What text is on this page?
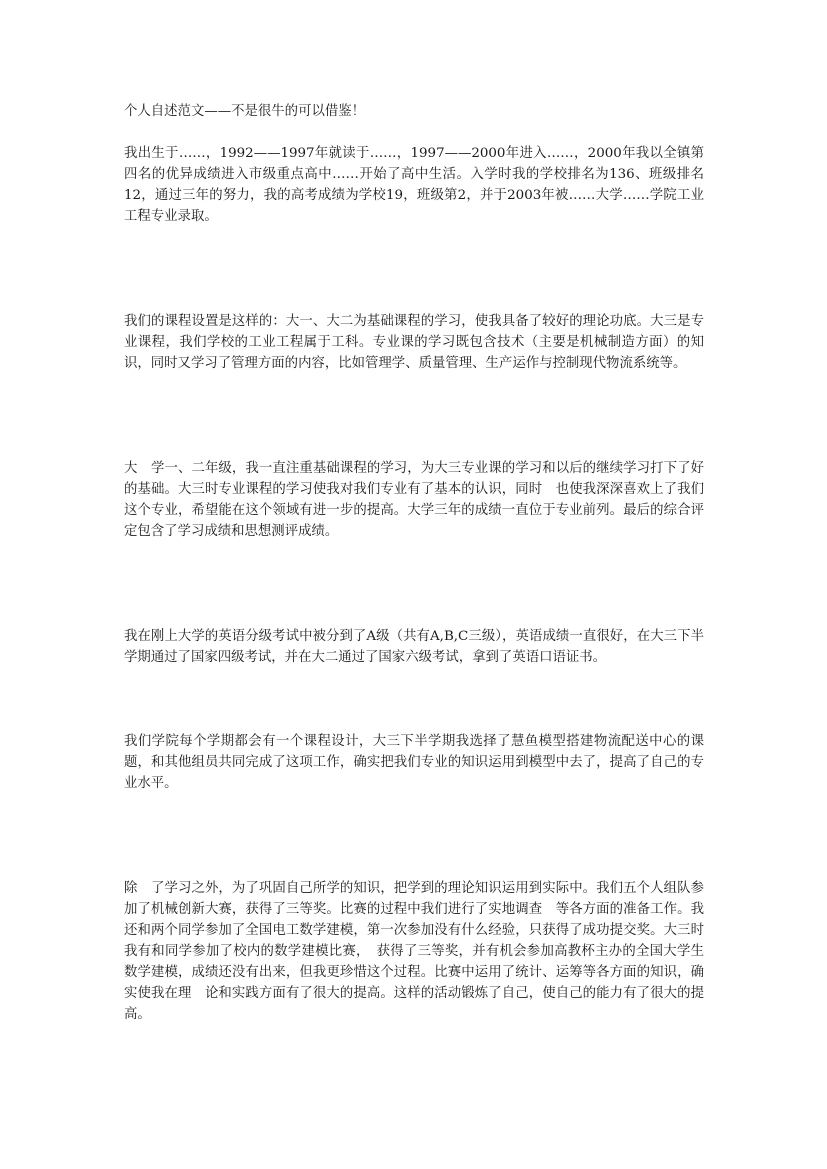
个人自述范文——不是很牛的可以借鉴！

我出生于……，1992——1997年就读于……，1997——2000年进入……，2000年我以全镇第四名的优异成绩进入市级重点高中……开始了高中生活。入学时我的学校排名为136、班级排名12，通过三年的努力，我的高考成绩为学校19，班级第2，并于2003年被……大学……学院工业工程专业录取。

我们的课程设置是这样的：大一、大二为基础课程的学习，使我具备了较好的理论功底。大三是专业课程，我们学校的工业工程属于工科。专业课的学习既包含技术（主要是机械制造方面）的知识，同时又学习了管理方面的内容，比如管理学、质量管理、生产运作与控制现代物流系统等。

大　学一、二年级，我一直注重基础课程的学习，为大三专业课的学习和以后的继续学习打下了好的基础。大三时专业课程的学习使我对我们专业有了基本的认识，同时　也使我深深喜欢上了我们这个专业，希望能在这个领域有进一步的提高。大学三年的成绩一直位于专业前列。最后的综合评定包含了学习成绩和思想测评成绩。

我在刚上大学的英语分级考试中被分到了A级（共有A,B,C三级），英语成绩一直很好，在大三下半学期通过了国家四级考试，并在大二通过了国家六级考试，拿到了英语口语证书。

我们学院每个学期都会有一个课程设计，大三下半学期我选择了慧鱼模型搭建物流配送中心的课题，和其他组员共同完成了这项工作，确实把我们专业的知识运用到模型中去了，提高了自己的专业水平。

除　了学习之外，为了巩固自己所学的知识，把学到的理论知识运用到实际中。我们五个人组队参加了机械创新大赛，获得了三等奖。比赛的过程中我们进行了实地调查　等各方面的准备工作。我还和两个同学参加了全国电工数学建模，第一次参加没有什么经验，只获得了成功提交奖。大三时我有和同学参加了校内的数学建模比赛，　获得了三等奖，并有机会参加高教杯主办的全国大学生数学建模，成绩还没有出来，但我更珍惜这个过程。比赛中运用了统计、运筹等各方面的知识，确实使我在理　论和实践方面有了很大的提高。这样的活动锻炼了自己，使自己的能力有了很大的提高。
